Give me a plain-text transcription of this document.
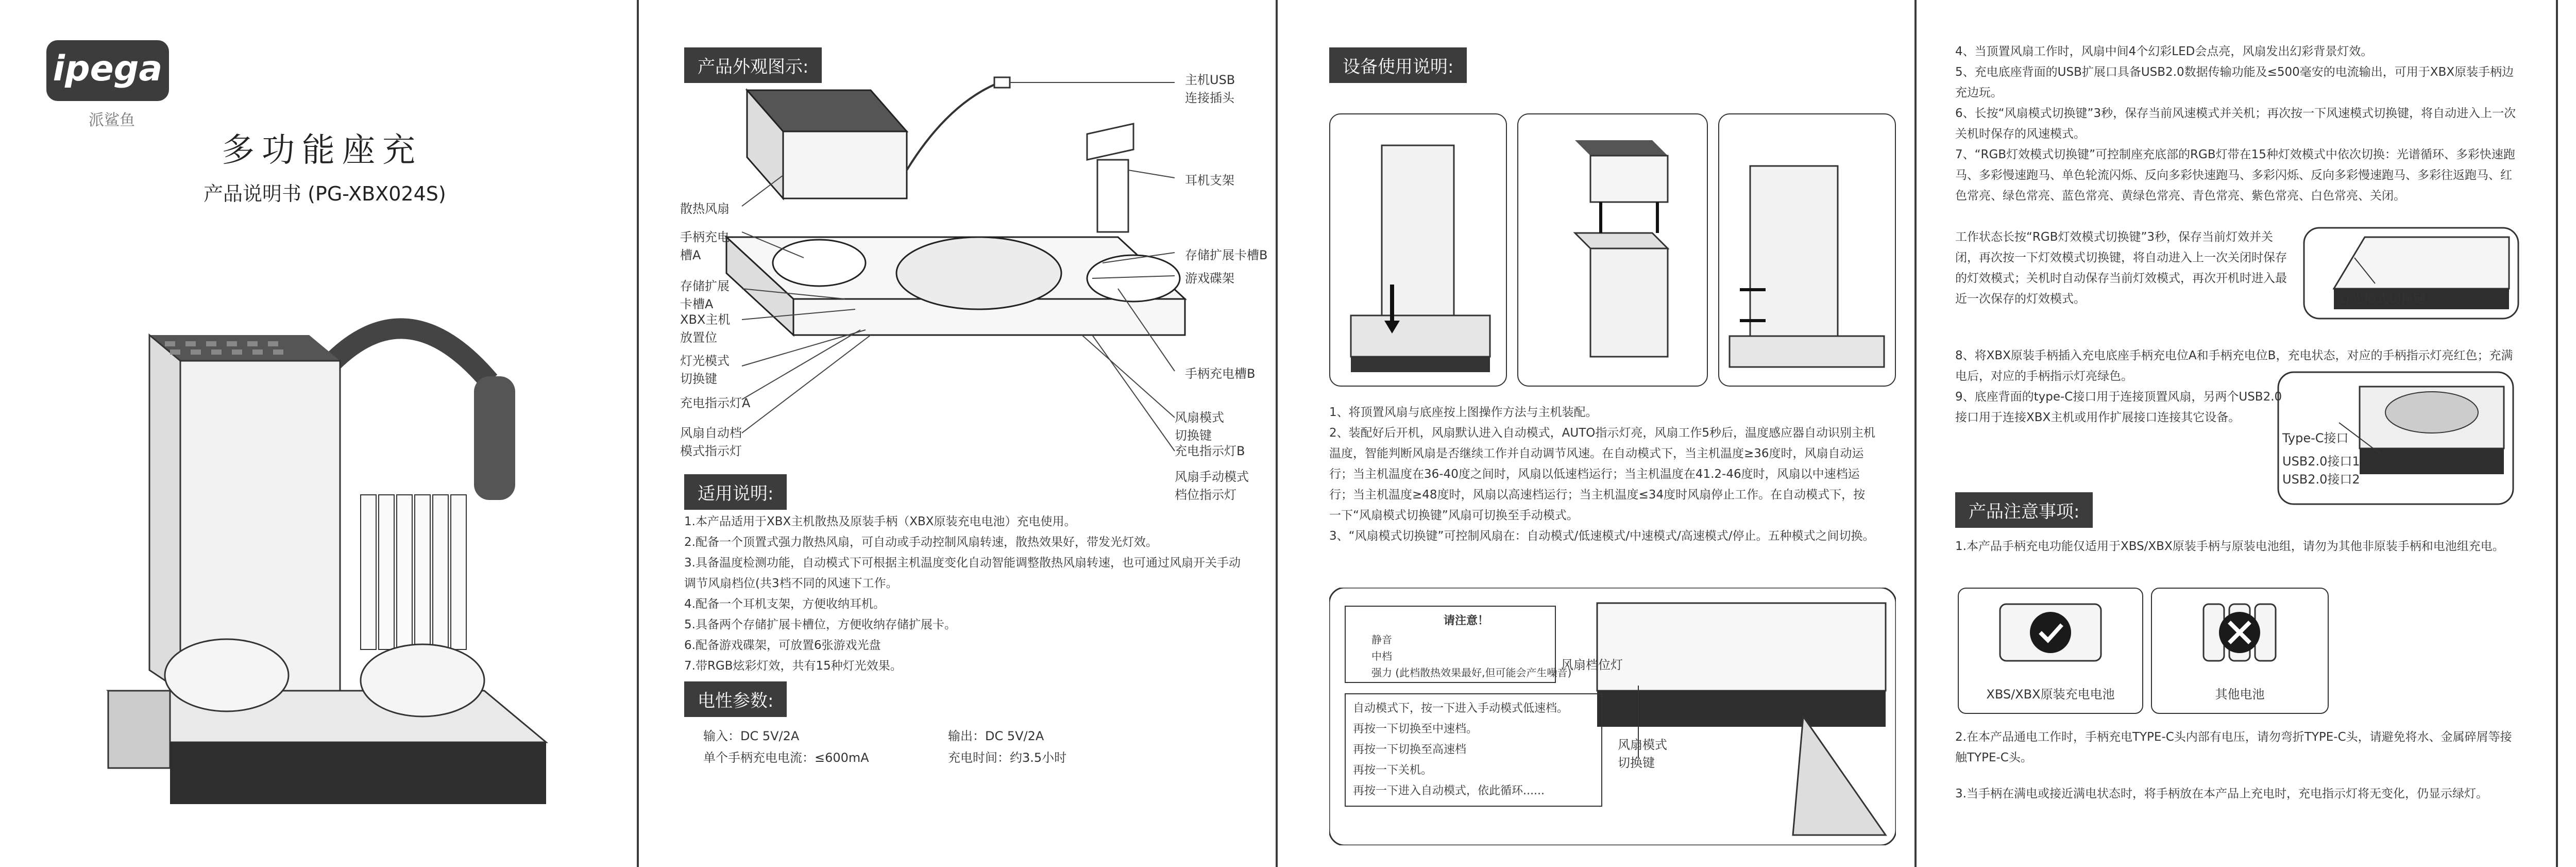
ipega
派鲨鱼
多功能座充
产品说明书 (PG-XBX024S)
产品外观图示:
主机USB
连接插头
散热风扇
耳机支架
手柄充电
槽A	存储扩展卡槽B
存储扩展
卡槽A
游戏碟架
XBX主机
放置位
灯光模式
切换键	手柄充电槽B
充电指示灯A
风扇自动档
模式指示灯
风扇模式
切换键
充电指示灯B
风扇手动模式
档位指示灯
适用说明:
1.本产品适用于XBX主机散热及原装手柄（XBX原装充电电池）充电使用。
2.配备一个顶置式强力散热风扇，可自动或手动控制风扇转速，散热效果好，带发光灯效。
3.具备温度检测功能，自动模式下可根据主机温度变化自动智能调整散热风扇转速，也可通过风扇开关手动调节风扇档位(共3档不同的风速下工作。
4.配备一个耳机支架，方便收纳耳机。
5.具备两个存储扩展卡槽位，方便收纳存储扩展卡。
6.配备游戏碟架，可放置6张游戏光盘
7.带RGB炫彩灯效，共有15种灯光效果。
电性参数:
输入：DC 5V/2A	输出：DC 5V/2A
单个手柄充电电流：≤600mA	充电时间：约3.5小时
设备使用说明:
1、将顶置风扇与底座按上图操作方法与主机装配。
2、装配好后开机，风扇默认进入自动模式，AUTO指示灯亮，风扇工作5秒后，温度感应器自动识别主机温度，智能判断风扇是否继续工作并自动调节风速。在自动模式下，当主机温度≥36度时，风扇自动运行；当主机温度在36-40度之间时，风扇以低速档运行；当主机温度在41.2-46度时，风扇以中速档运行；当主机温度≥48度时，风扇以高速档运行；当主机温度≤34度时风扇停止工作。在自动模式下，按一下“风扇模式切换键”风扇可切换至手动模式。
3、“风扇模式切换键”可控制风扇在：自动模式/低速模式/中速模式/高速模式/停止。五种模式之间切换。
请注意！
静音
中档
强力 (此档散热效果最好,但可能会产生噪音)
风扇档位灯
自动模式下，按一下进入手动模式低速档。
再按一下切换至中速档。
再按一下切换至高速档
再按一下关机。
再按一下进入自动模式，依此循环......
风扇模式
切换键
4、当顶置风扇工作时，风扇中间4个幻彩LED会点亮，风扇发出幻彩背景灯效。
5、充电底座背面的USB扩展口具备USB2.0数据传输功能及≤500毫安的电流输出，可用于XBX原装手柄边充边玩。
6、长按“风扇模式切换键”3秒，保存当前风速模式并关机；再次按一下风速模式切换键，将自动进入上一次关机时保存的风速模式。
7、“RGB灯效模式切换键”可控制座充底部的RGB灯带在15种灯效模式中依次切换：光谱循环、多彩快速跑马、多彩慢速跑马、单色轮流闪烁、反向多彩快速跑马、多彩闪烁、反向多彩慢速跑马、多彩往返跑马、红色常亮、绿色常亮、蓝色常亮、黄绿色常亮、青色常亮、紫色常亮、白色常亮、关闭。
工作状态长按“RGB灯效模式切换键”3秒，保存当前灯效并关闭，再次按一下灯效模式切换键，将自动进入上一次关闭时保存的灯效模式；关机时自动保存当前灯效模式，再次开机时进入最近一次保存的灯效模式。	灯光模式切换键
8、将XBX原装手柄插入充电底座手柄充电位A和手柄充电位B，充电状态，对应的手柄指示灯亮红色；充满电后，对应的手柄指示灯亮绿色。
9、底座背面的type-C接口用于连接顶置风扇，另两个USB2.0接口用于连接XBX主机或用作扩展接口连接其它设备。
Type-C接口
USB2.0接口1
USB2.0接口2
产品注意事项:
1.本产品手柄充电功能仅适用于XBS/XBX原装手柄与原装电池组，请勿为其他非原装手柄和电池组充电。
XBS/XBX原装充电电池	其他电池
2.在本产品通电工作时，手柄充电TYPE-C头内部有电压，请勿弯折TYPE-C头，请避免将水、金属碎屑等接触TYPE-C头。
3.当手柄在满电或接近满电状态时，将手柄放在本产品上充电时，充电指示灯将无变化，仍显示绿灯。
